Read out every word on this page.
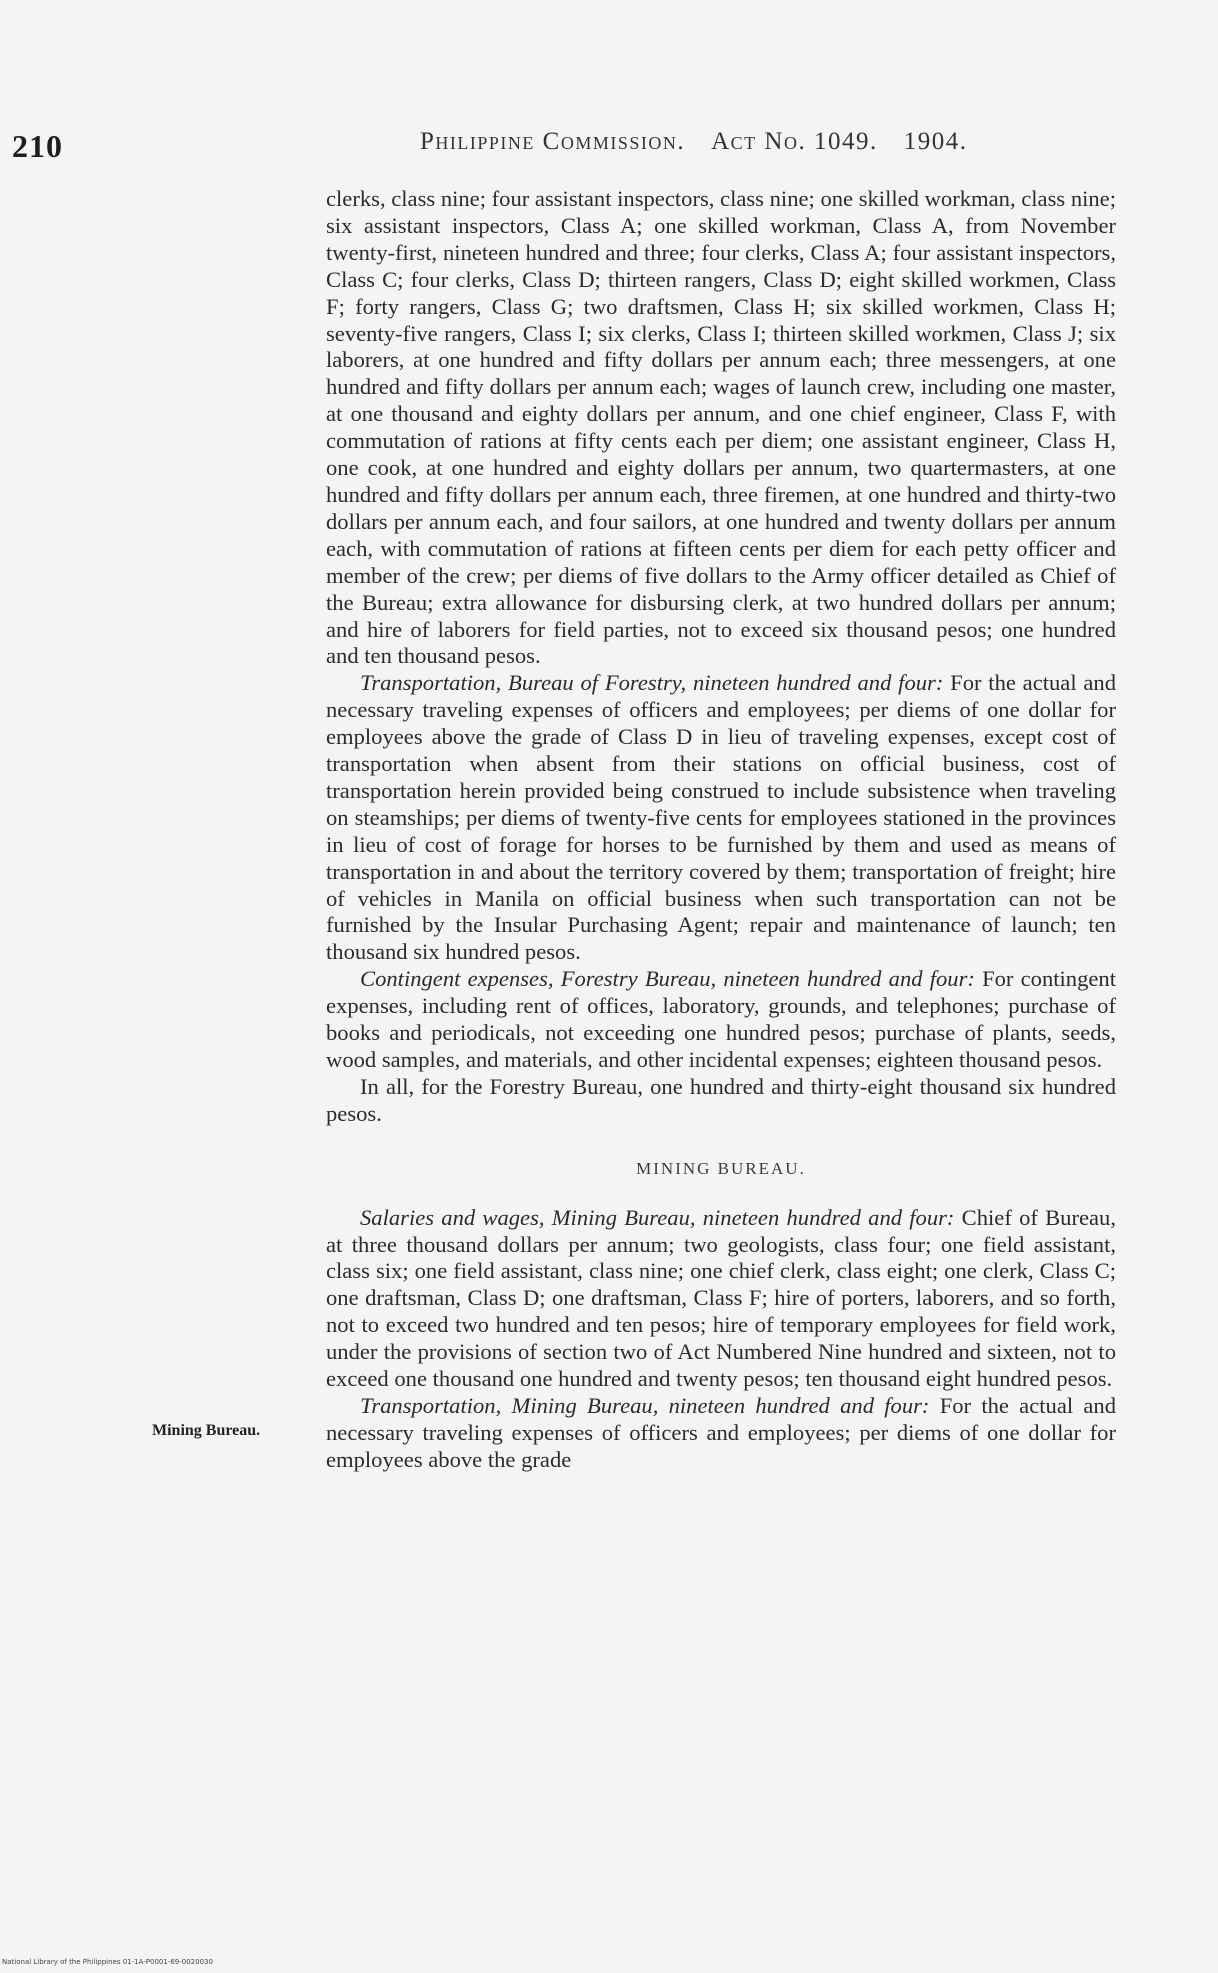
210	Philippine Commission. Act No. 1049. 1904.
Mining Bureau.

clerks, class nine; four assistant inspectors, class nine; one skilled workman, class nine; six assistant inspectors, Class A; one skilled workman, Class A, from November twenty-first, nineteen hundred and three; four clerks, Class A; four assistant inspectors, Class C; four clerks, Class D; thirteen rangers, Class D; eight skilled workmen, Class F; forty rangers, Class G; two draftsmen, Class H; six skilled workmen, Class H; seventy-five rangers, Class I; six clerks, Class I; thirteen skilled workmen, Class J; six laborers, at one hundred and fifty dollars per annum each; three messengers, at one hundred and fifty dollars per annum each; wages of launch crew, including one master, at one thousand and eighty dollars per annum, and one chief engineer, Class F, with commutation of rations at fifty cents each per diem; one assistant engineer, Class H, one cook, at one hundred and eighty dollars per annum, two quartermasters, at one hundred and fifty dollars per annum each, three firemen, at one hundred and thirty-two dollars per annum each, and four sailors, at one hundred and twenty dollars per annum each, with commutation of rations at fifteen cents per diem for each petty officer and member of the crew; per diems of five dollars to the Army officer detailed as Chief of the Bureau; extra allowance for disbursing clerk, at two hundred dollars per annum; and hire of laborers for field parties, not to exceed six thousand pesos; one hundred and ten thousand pesos.

Transportation, Bureau of Forestry, nineteen hundred and four: For the actual and necessary traveling expenses of officers and employees; per diems of one dollar for employees above the grade of Class D in lieu of traveling expenses, except cost of transportation when absent from their stations on official business, cost of transportation herein provided being construed to include subsistence when traveling on steamships; per diems of twenty-five cents for employees stationed in the provinces in lieu of cost of forage for horses to be furnished by them and used as means of transportation in and about the territory covered by them; transportation of freight; hire of vehicles in Manila on official business when such transportation can not be furnished by the Insular Purchasing Agent; repair and maintenance of launch; ten thousand six hundred pesos.

Contingent expenses, Forestry Bureau, nineteen hundred and four: For contingent expenses, including rent of offices, laboratory, grounds, and telephones; purchase of books and periodicals, not exceeding one hundred pesos; purchase of plants, seeds, wood samples, and materials, and other incidental expenses; eighteen thousand pesos.

In all, for the Forestry Bureau, one hundred and thirty-eight thousand six hundred pesos.

MINING BUREAU.

Salaries and wages, Mining Bureau, nineteen hundred and four: Chief of Bureau, at three thousand dollars per annum; two geologists, class four; one field assistant, class six; one field assistant, class nine; one chief clerk, class eight; one clerk, Class C; one draftsman, Class D; one draftsman, Class F; hire of porters, laborers, and so forth, not to exceed two hundred and ten pesos; hire of temporary employees for field work, under the provisions of section two of Act Numbered Nine hundred and sixteen, not to exceed one thousand one hundred and twenty pesos; ten thousand eight hundred pesos.

Transportation, Mining Bureau, nineteen hundred and four: For the actual and necessary traveling expenses of officers and employees; per diems of one dollar for employees above the grade

National Library of the Philippines 01-1A-P0001-69-0020030
